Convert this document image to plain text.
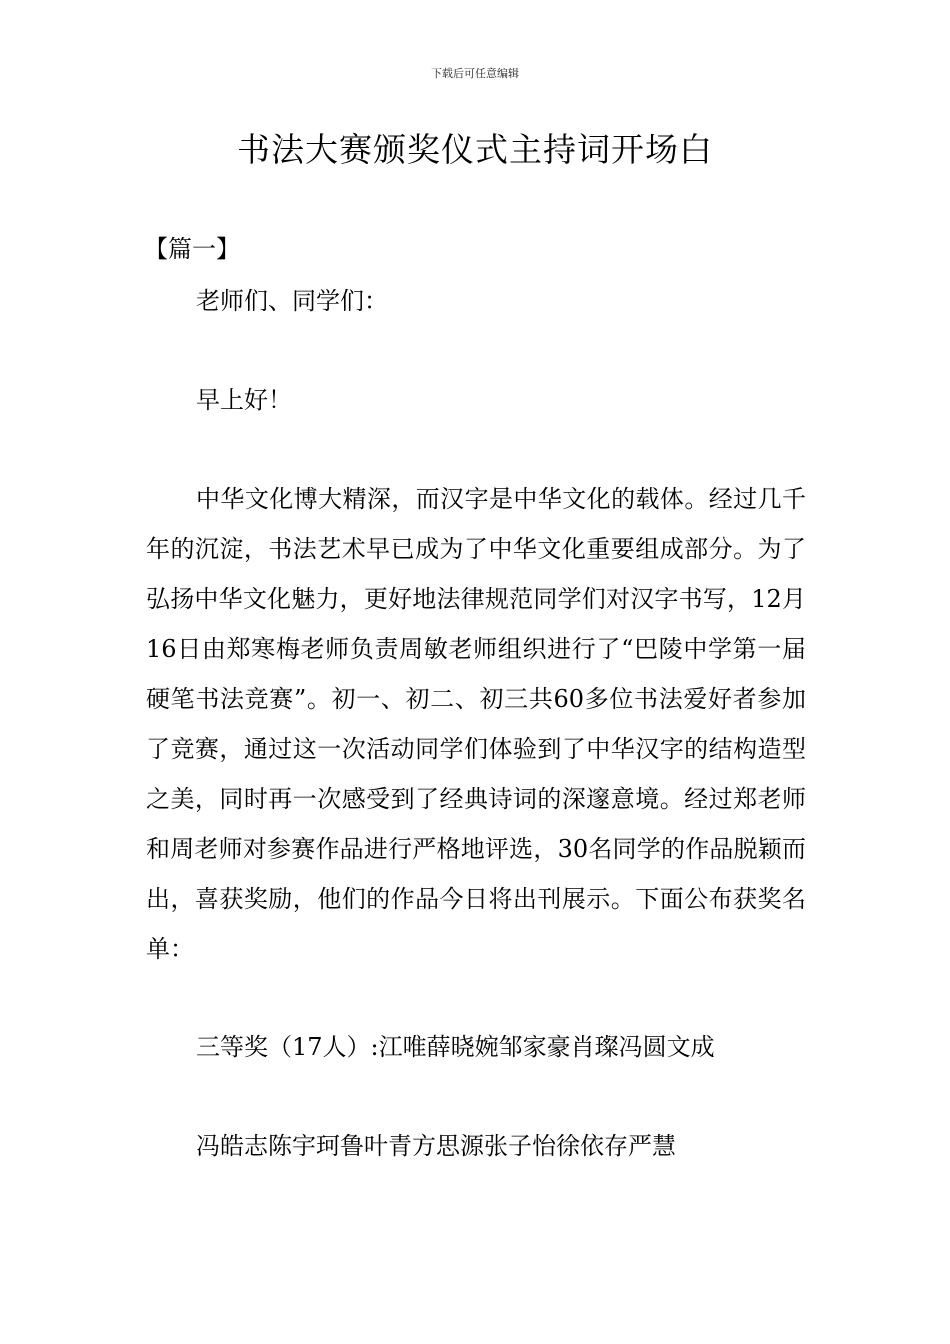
下载后可任意编辑
书法大赛颁奖仪式主持词开场白
【篇一】

老师们、同学们：

早上好！

中华文化博大精深，而汉字是中华文化的载体。经过几千年的沉淀，书法艺术早已成为了中华文化重要组成部分。为了弘扬中华文化魅力，更好地法律规范同学们对汉字书写，12月16日由郑寒梅老师负责周敏老师组织进行了“巴陵中学第一届硬笔书法竞赛”。初一、初二、初三共60多位书法爱好者参加了竞赛，通过这一次活动同学们体验到了中华汉字的结构造型之美，同时再一次感受到了经典诗词的深邃意境。经过郑老师和周老师对参赛作品进行严格地评选，30名同学的作品脱颖而出，喜获奖励，他们的作品今日将出刊展示。下面公布获奖名单：

三等奖（17人）:江唯薛晓婉邹家豪肖璨冯圆文成

冯皓志陈宇珂鲁叶青方思源张子怡徐依存严慧
